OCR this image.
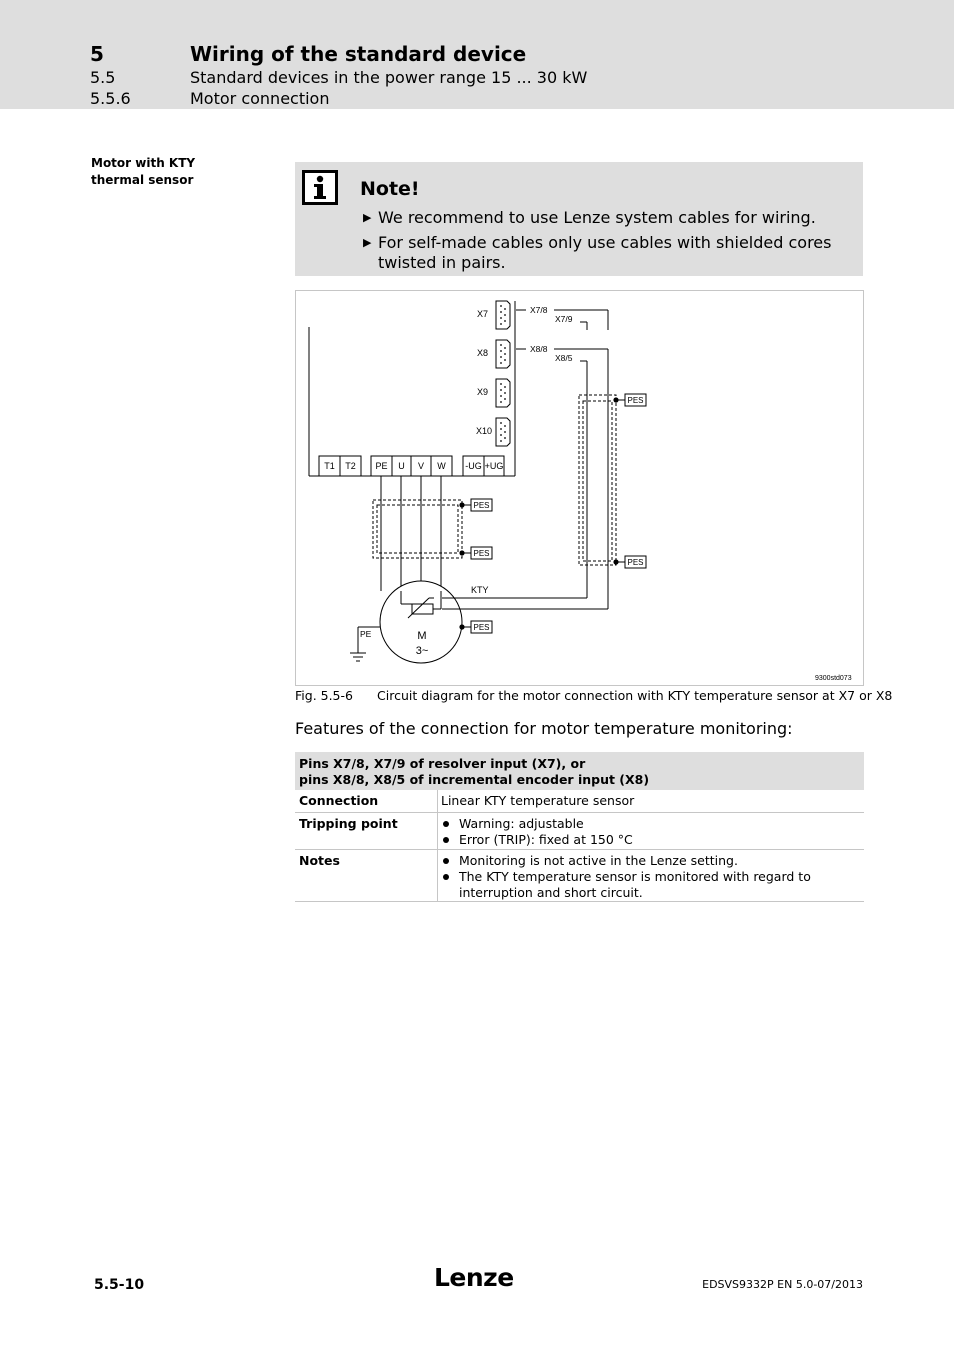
5	Wiring of the standard device
5.5	Standard devices in the power range 15 ... 30 kW
5.5.6	Motor connection
Motor with KTY thermal sensor	Note!
▶ We recommend to use Lenze system cables for wiring.
▶ For self-made cables only use cables with shielded cores twisted in pairs.
X7
X8
X9
X10
X7/8
X7/9
X8/8
X8/5
T1 T2 PE U V W -UG +UG
PES
PES
PES
PES
PES
M
3~
PE
KTY
9300std073
Fig. 5.5-6 Circuit diagram for the motor connection with KTY temperature sensor at X7 or X8
Features of the connection for motor temperature monitoring:
Pins X7/8, X7/9 of resolver input (X7), or
pins X8/8, X8/5 of incremental encoder input (X8)
Connection	Linear KTY temperature sensor
Tripping point	Warning: adjustable
Error (TRIP): fixed at 150 °C
Notes	Monitoring is not active in the Lenze setting.
The KTY temperature sensor is monitored with regard to interruption and short circuit.
5.5-10	Lenze	EDSVS9332P EN 5.0-07/2013
